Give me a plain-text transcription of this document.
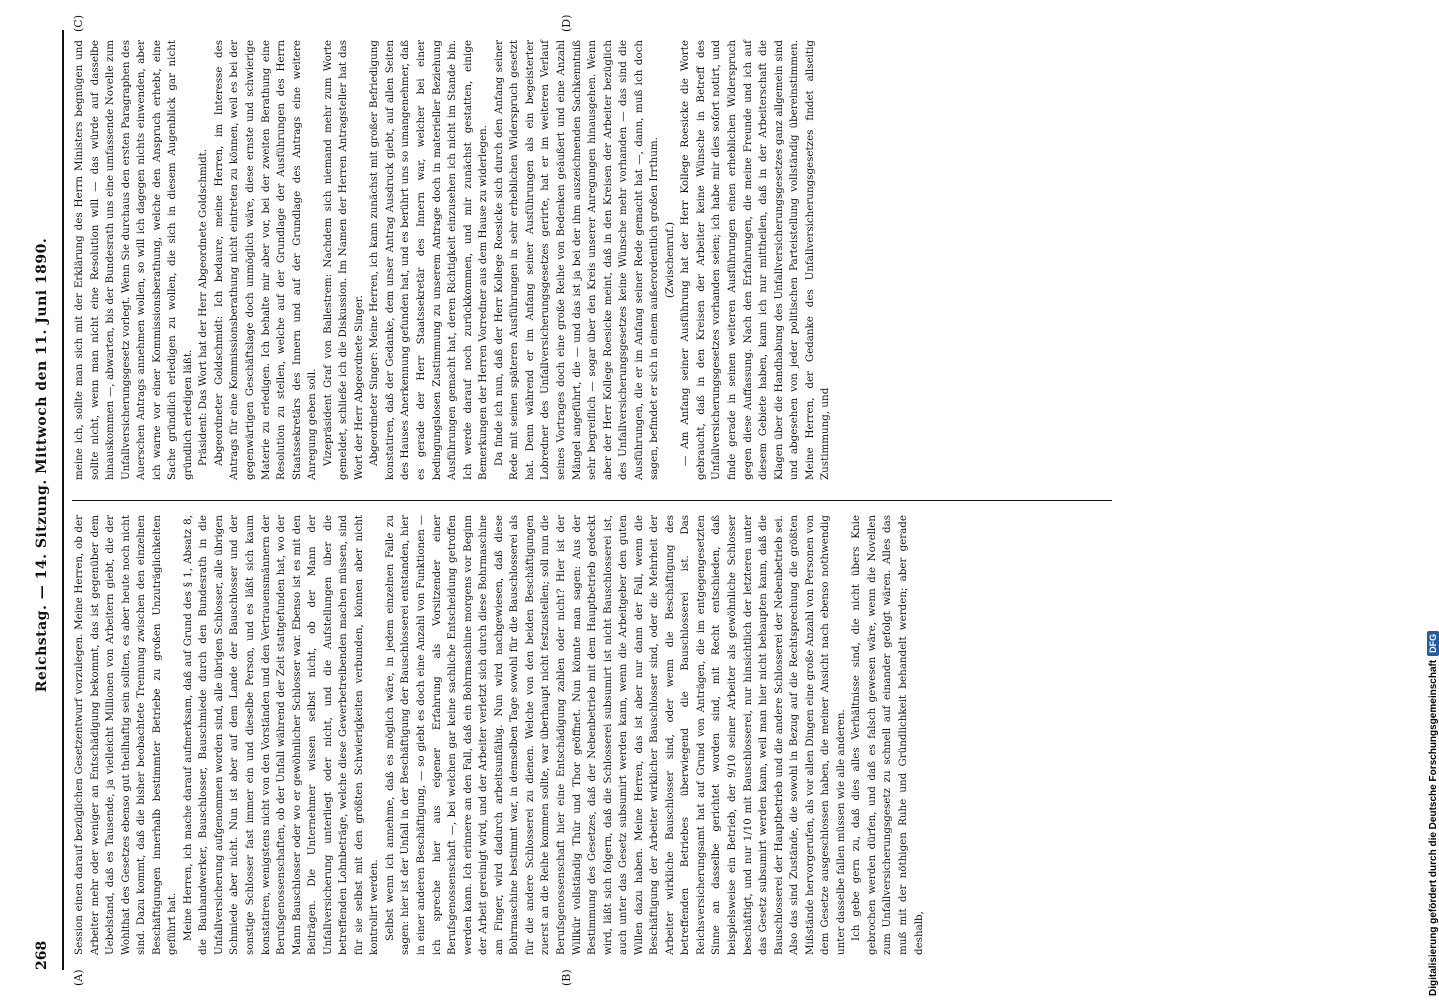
268
Reichstag. — 14. Sitzung. Mittwoch den 11. Juni 1890.
(A)	(B)
(C)	(D)

Session einen darauf bezüglichen Gesetzentwurf vorzulegen. Meine Herren, ob der Arbeiter mehr oder weniger an Entschädigung bekommt, das ist gegenüber dem Uebelstand, daß es Tausende, ja vielleicht Millionen von Arbeitern giebt, die der Wohlthat des Gesetzes ebenso gut theilhaftig sein sollten, es aber heute noch nicht sind. Dazu kommt, daß die bisher beobachtete Trennung zwischen den einzelnen Beschäftigungen innerhalb bestimmter Betriebe zu großen Unzuträglichkeiten geführt hat. Meine Herren, ich mache darauf aufmerksam, daß auf Grund des § 1, Absatz 8, die Bauhandwerker, Bauschlosser, Bauschmiede durch den Bundesrath in die Unfallversicherung aufgenommen worden sind, alle übrigen Schlosser, alle übrigen Schmiede aber nicht. Nun ist aber auf dem Lande der Bauschlosser und der sonstige Schlosser fast immer ein und dieselbe Person, und es läßt sich kaum konstatiren, wenigstens nicht von den Vorständen und den Vertrauensmännern der Berufsgenossenschaften, ob der Unfall während der Zeit stattgefunden hat, wo der Mann Bauschlosser oder wo er gewöhnlicher Schlosser war. Ebenso ist es mit den Beiträgen. Die Unternehmer wissen selbst nicht, ob der Mann der Unfallversicherung unterliegt oder nicht, und die Aufstellungen über die betreffenden Lohnbeträge, welche diese Gewerbetreibenden machen müssen, sind für sie selbst mit den größten Schwierigkeiten verbunden, können aber nicht kontrolirt werden. Selbst wenn ich annehme, daß es möglich wäre, in jedem einzelnen Falle zu sagen: hier ist der Unfall in der Beschäftigung der Bauschlosserei entstanden, hier in einer anderen Beschäftigung, — so giebt es doch eine Anzahl von Funktionen — ich spreche hier aus eigener Erfahrung als Vorsitzender einer Berufsgenossenschaft —, bei welchen gar keine sachliche Entscheidung getroffen werden kann. Ich erinnere an den Fall, daß ein Bohrmaschine morgens vor Beginn der Arbeit gereinigt wird, und der Arbeiter verletzt sich durch diese Bohrmaschine am Finger, wird dadurch arbeitsunfähig. Nun wird nachgewiesen, daß diese Bohrmaschine bestimmt war, in demselben Tage sowohl für die Bauschlosserei als für die andere Schlosserei zu dienen. Welche von den beiden Beschäftigungen zuerst an die Reihe kommen sollte, war überhaupt nicht festzustellen; soll nun die Berufsgenossenschaft hier eine Entschädigung zahlen oder nicht? Hier ist der Willkür vollständig Thür und Thor geöffnet. Nun könnte man sagen: Aus der Bestimmung des Gesetzes, daß der Nebenbetrieb mit dem Hauptbetrieb gedeckt wird, läßt sich folgern, daß die Schlosserei subsumirt ist nicht Bauschlosserei ist, auch unter das Gesetz subsumirt werden kann, wenn die Arbeitgeber den guten Willen dazu haben. Meine Herren, das ist aber nur dann der Fall, wenn die Beschäftigung der Arbeiter wirklicher Bauschlosser sind, oder die Mehrheit der Arbeiter wirkliche Bauschlosser sind, oder wenn die Beschäftigung des betreffenden Betriebes überwiegend die Bauschlosserei ist. Das Reichsversicherungsamt hat auf Grund von Anträgen, die im entgegengesetzten Sinne an dasselbe gerichtet worden sind, mit Recht entschieden, daß beispielsweise ein Betrieb, der 9/10 seiner Arbeiter als gewöhnliche Schlosser beschäftigt, und nur 1/10 mit Bauschlosserei, nur hinsichtlich der letzteren unter das Gesetz subsumirt werden kann, weil man hier nicht behaupten kann, daß die Bauschlosserei der Hauptbetrieb und die andere Schlosserei der Nebenbetrieb sei. Also das sind Zustände, die sowohl in Bezug auf die Rechtsprechung die größten Mißstände hervorgerufen, als vor allen Dingen eine große Anzahl von Personen von dem Gesetze ausgeschlossen haben, die meiner Ansicht nach ebenso nothwendig unter dasselbe fallen müssen wie alle anderen. Ich gebe gern zu, daß dies alles Verhältnisse sind, die nicht übers Knie gebrochen werden dürfen, und daß es falsch gewesen wäre, wenn die Novellen zum Unfallversicherungsgesetz zu schnell auf einander gefolgt wären. Alles das muß mit der nöthigen Ruhe und Gründlichkeit behandelt werden; aber gerade deshalb,

meine ich, sollte man sich mit der Erklärung des Herrn Ministers begnügen und sollte nicht, wenn man nicht eine Resolution will — das würde auf dasselbe hinauskommen —, abwarten, bis der Bundesrath uns eine umfassende Novelle zum Unfallversicherungsgesetz vorlegt. Wenn Sie durchaus den ersten Paragraphen des Auerschen Antrags annehmen wollen, so will ich dagegen nichts einwenden, aber ich warne vor einer Kommissionsberathung, welche den Anspruch erhebt, eine Sache gründlich erledigen zu wollen, die sich in diesem Augenblick gar nicht gründlich erledigen läßt. Präsident: Das Wort hat der Herr Abgeordnete Goldschmidt. Abgeordneter Goldschmidt: Ich bedaure, meine Herren, im Interesse des Antrags für eine Kommissionsberathung nicht eintreten zu können, weil es bei der gegenwärtigen Geschäftslage doch unmöglich wäre, diese ernste und schwierige Materie zu erledigen. Ich behalte mir aber vor, bei der zweiten Berathung eine Resolution zu stellen, welche auf der Grundlage der Ausführungen des Herrn Staatssekretärs des Innern und auf der Grundlage des Antrags eine weitere Anregung geben soll. Vizepräsident Graf von Ballestrem: Nachdem sich niemand mehr zum Worte gemeldet, schließe ich die Diskussion. Im Namen der Herren Antragsteller hat das Wort der Herr Abgeordnete Singer. Abgeordneter Singer: Meine Herren, ich kann zunächst mit großer Befriedigung konstatiren, daß der Gedanke, dem unser Antrag Ausdruck giebt, auf allen Seiten des Hauses Anerkennung gefunden hat, und es berührt uns so umangenehmer, daß es gerade der Herr Staatssekretär des Innern war, welcher bei einer bedingungslosen Zustimmung zu unserem Antrage doch in materieller Beziehung Ausführungen gemacht hat, deren Richtigkeit einzusehen ich nicht im Stande bin. Ich werde darauf noch zurückkommen, und mir zunächst gestatten, einige Bemerkungen der Herren Vorredner aus dem Hause zu widerlegen. Da finde ich nun, daß der Herr Kollege Roesicke sich durch den Anfang seiner Rede mit seinen späteren Ausführungen in sehr erheblichen Widerspruch gesetzt hat. Denn während er im Anfang seiner Ausführungen als ein begeisterter Lobredner des Unfallversicherungsgesetzes gerirte, hat er im weiteren Verlauf seines Vortrages doch eine große Reihe von Bedenken geäußert und eine Anzahl Mängel angeführt, die — und das ist ja bei der ihm auszeichnenden Sachkenntniß sehr begreiflich — sogar über den Kreis unserer Anregungen hinausgehen. Wenn aber der Herr Kollege Roesicke meint, daß in den Kreisen der Arbeiter bezüglich des Unfallversicherungsgesetzes keine Wünsche mehr vorhanden — das sind die Ausführungen, die er im Anfang seiner Rede gemacht hat —, dann, muß ich doch sagen, befindet er sich in einem außerordentlich großen Irrthum. (Zwischenruf.) — Am Anfang seiner Ausführung hat der Herr Kollege Roesicke die Worte gebraucht, daß in den Kreisen der Arbeiter keine Wünsche in Betreff des Unfallversicherungsgesetzes vorhanden seien; ich habe mir dies sofort notirt, und finde gerade in seinen weiteren Ausführungen einen erheblichen Widerspruch gegen diese Auffassung. Nach den Erfahrungen, die meine Freunde und ich auf diesem Gebiete haben, kann ich nur mittheilen, daß in der Arbeiterschaft die Klagen über die Handhabung des Unfallversicherungsgesetzes ganz allgemein sind und abgesehen von jeder politischen Parteistellung vollständig übereinstimmen. Meine Herren, der Gedanke des Unfallversicherungsgesetzes findet allseitig Zustimmung, und

Digitalisierung gefördert durch die Deutsche ForschungsgemeinschaftDFG
